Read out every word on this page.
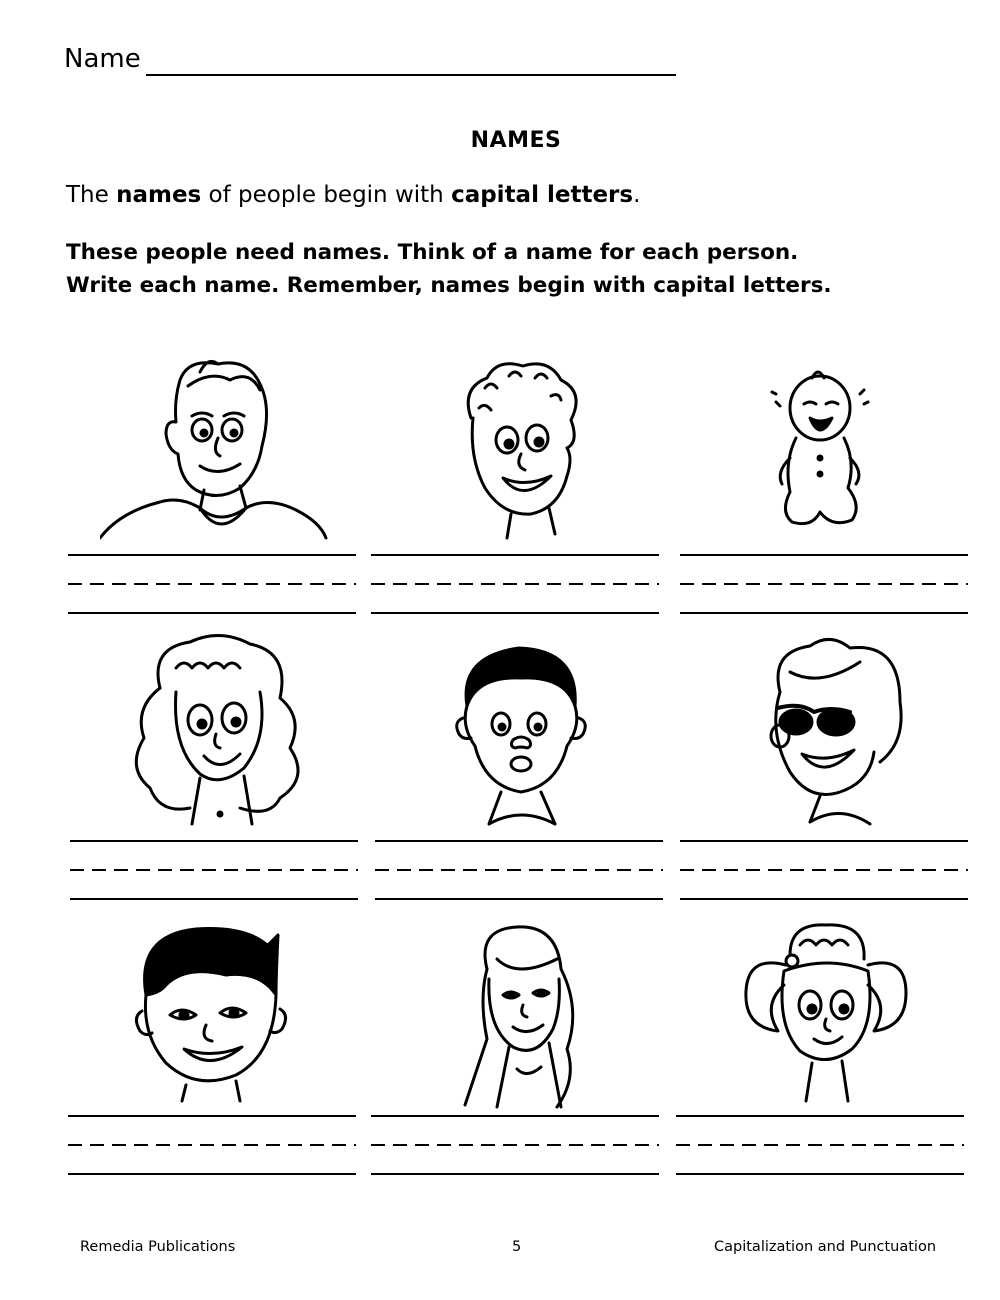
Name
NAMES
The names of people begin with capital letters.
These people need names. Think of a name for each person.
Write each name. Remember, names begin with capital letters.
Remedia Publications	5	Capitalization and Punctuation
